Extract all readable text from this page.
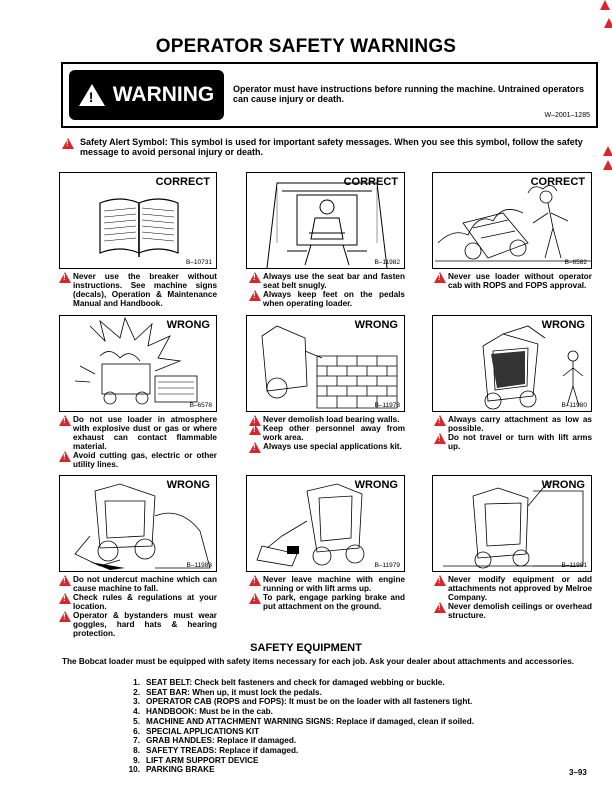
OPERATOR SAFETY WARNINGS
! WARNING Operator must have instructions before running the machine. Untrained operators can cause injury or death.
W–2001–1285
!
Safety Alert Symbol: This symbol is used for important safety messages. When you see this symbol, follow the safety message to avoid personal injury or death.
CORRECT
B–10731
!
Never use the breaker without instructions. See machine signs (decals), Operation & Maintenance Manual and Handbook.
CORRECT
B–11982
!
Always use the seat bar and fasten seat belt snugly.
!
Always keep feet on the pedals when operating loader.
CORRECT
B–6582
!
Never use loader without operator cab with ROPS and FOPS approval.
WRONG
B–6578
!
Do not use loader in atmosphere with explosive dust or gas or where exhaust can contact flammable material.
!
Avoid cutting gas, electric or other utility lines.
WRONG
B–11978
!
Never demolish load bearing walls.
!
Keep other personnel away from work area.
!
Always use special applications kit.
WRONG
B–11980
!
Always carry attachment as low as possible.
!
Do not travel or turn with lift arms up.
WRONG
B–11983
!
Do not undercut machine which can cause machine to fall.
!
Check rules & regulations at your location.
!
Operator & bystanders must wear goggles, hard hats & hearing protection.
WRONG
B–11979
!
Never leave machine with engine running or with lift arms up.
!
To park, engage parking brake and put attachment on the ground.
WRONG
B–11981
!
Never modify equipment or add attachments not approved by Melroe Company.
!
Never demolish ceilings or overhead structure.
SAFETY EQUIPMENT
The Bobcat loader must be equipped with safety items necessary for each job. Ask your dealer about attachments and accessories.
1. SEAT BELT: Check belt fasteners and check for damaged webbing or buckle.
2. SEAT BAR: When up, it must lock the pedals.
3. OPERATOR CAB (ROPS and FOPS): It must be on the loader with all fasteners tight.
4. HANDBOOK: Must be in the cab.
5. MACHINE AND ATTACHMENT WARNING SIGNS: Replace if damaged, clean if soiled.
6. SPECIAL APPLICATIONS KIT
7. GRAB HANDLES: Replace if damaged.
8. SAFETY TREADS: Replace if damaged.
9. LIFT ARM SUPPORT DEVICE
10. PARKING BRAKE	3–93
